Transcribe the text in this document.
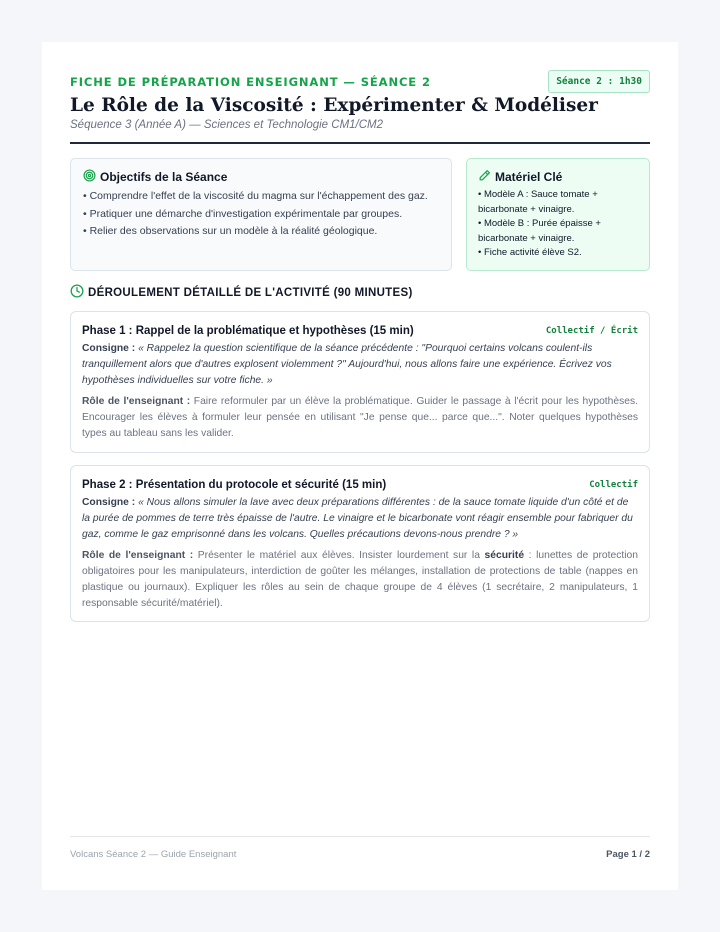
FICHE DE PRÉPARATION ENSEIGNANT — SÉANCE 2	Séance 2 : 1h30
Le Rôle de la Viscosité : Expérimenter & Modéliser
Séquence 3 (Année A) — Sciences et Technologie CM1/CM2
Objectifs de la Séance
• Comprendre l'effet de la viscosité du magma sur l'échappement des gaz.
• Pratiquer une démarche d'investigation expérimentale par groupes.
• Relier des observations sur un modèle à la réalité géologique.
Matériel Clé
• Modèle A : Sauce tomate + bicarbonate + vinaigre.
• Modèle B : Purée épaisse + bicarbonate + vinaigre.
• Fiche activité élève S2.
DÉROULEMENT DÉTAILLÉ DE L'ACTIVITÉ (90 MINUTES)
Phase 1 : Rappel de la problématique et hypothèses (15 min)	Collectif / Écrit

Consigne : « Rappelez la question scientifique de la séance précédente : "Pourquoi certains volcans coulent-ils tranquillement alors que d'autres explosent violemment ?" Aujourd'hui, nous allons faire une expérience. Écrivez vos hypothèses individuelles sur votre fiche. »

Rôle de l'enseignant : Faire reformuler par un élève la problématique. Guider le passage à l'écrit pour les hypothèses. Encourager les élèves à formuler leur pensée en utilisant "Je pense que... parce que...". Noter quelques hypothèses types au tableau sans les valider.

Phase 2 : Présentation du protocole et sécurité (15 min)	Collectif

Consigne : « Nous allons simuler la lave avec deux préparations différentes : de la sauce tomate liquide d'un côté et de la purée de pommes de terre très épaisse de l'autre. Le vinaigre et le bicarbonate vont réagir ensemble pour fabriquer du gaz, comme le gaz emprisonné dans les volcans. Quelles précautions devons-nous prendre ? »

Rôle de l'enseignant : Présenter le matériel aux élèves. Insister lourdement sur la sécurité : lunettes de protection obligatoires pour les manipulateurs, interdiction de goûter les mélanges, installation de protections de table (nappes en plastique ou journaux). Expliquer les rôles au sein de chaque groupe de 4 élèves (1 secrétaire, 2 manipulateurs, 1 responsable sécurité/matériel).

Volcans Séance 2 — Guide Enseignant	Page 1 / 2
